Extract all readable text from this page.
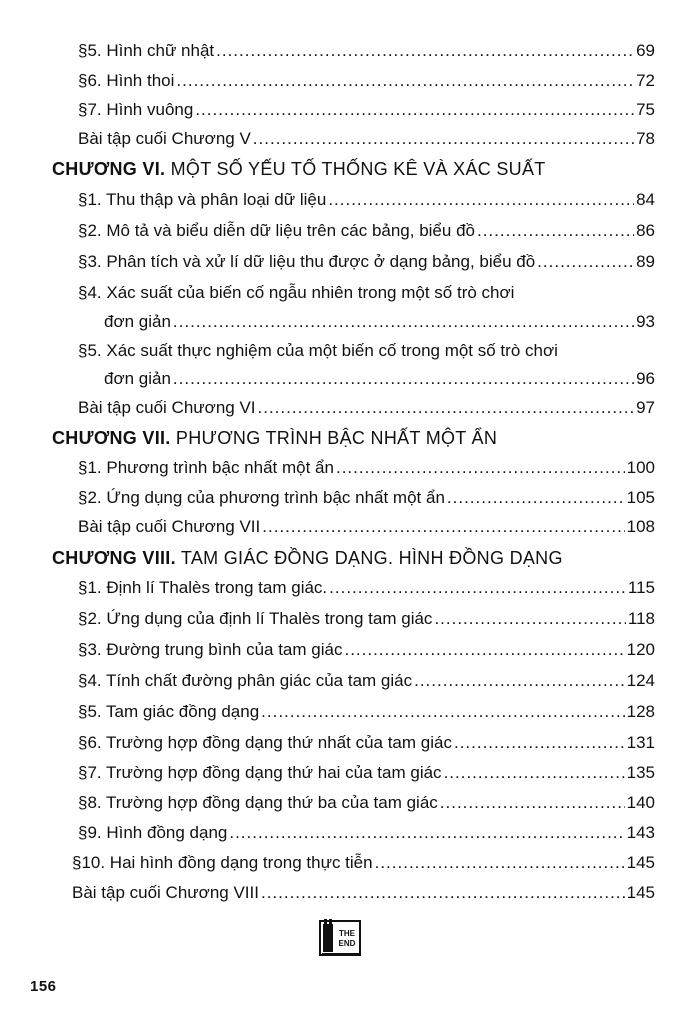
§5. Hình chữ nhật .....	69
§6. Hình thoi .....	72
§7. Hình vuông .....	75
Bài tập cuối Chương V .....	78
CHƯƠNG VI. MỘT SỐ YẾU TỐ THỐNG KÊ VÀ XÁC SUẤT
§1. Thu thập và phân loại dữ liệu .....	84
§2. Mô tả và biểu diễn dữ liệu trên các bảng, biểu đồ .....	86
§3. Phân tích và xử lí dữ liệu thu được ở dạng bảng, biểu đồ .....	89
§4. Xác suất của biến cố ngẫu nhiên trong một số trò chơi
đơn giản .....	93
§5. Xác suất thực nghiệm của một biến cố trong một số trò chơi
đơn giản .....	96
Bài tập cuối Chương VI .....	97
CHƯƠNG VII. PHƯƠNG TRÌNH BẬC NHẤT MỘT ẨN
§1. Phương trình bậc nhất một ẩn .....	100
§2. Ứng dụng của phương trình bậc nhất một ẩn .....	105
Bài tập cuối Chương VII .....	108
CHƯƠNG VIII. TAM GIÁC ĐỒNG DẠNG. HÌNH ĐỒNG DẠNG
§1. Định lí Thalès trong tam giác. .....	115
§2. Ứng dụng của định lí Thalès trong tam giác .....	118
§3. Đường trung bình của tam giác .....	120
§4. Tính chất đường phân giác của tam giác .....	124
§5. Tam giác đồng dạng .....	128
§6. Trường hợp đồng dạng thứ nhất của tam giác .....	131
§7. Trường hợp đồng dạng thứ hai của tam giác .....	135
§8. Trường hợp đồng dạng thứ ba của tam giác .....	140
§9. Hình đồng dạng .....	143
§10. Hai hình đồng dạng trong thực tiễn .....	145
Bài tập cuối Chương VIII .....	145
THE
END
156
